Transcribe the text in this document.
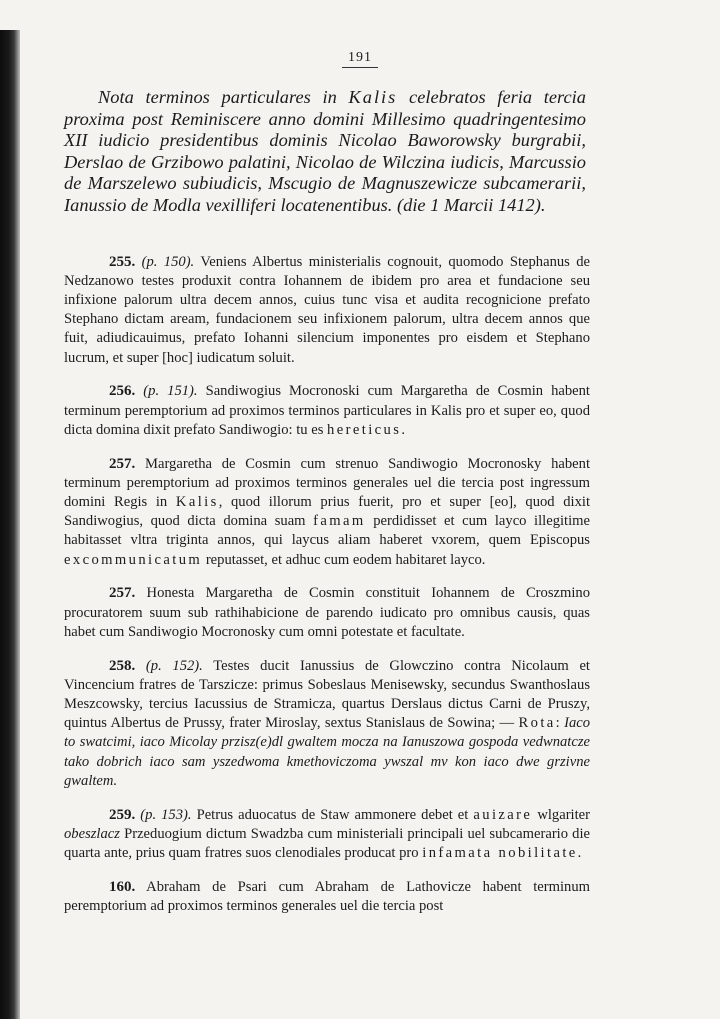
191
Nota terminos particulares in Kalis celebratos feria tercia proxima post Reminiscere anno domini Millesimo quadringentesimo XII iudicio presidentibus dominis Nicolao Baworowsky burgrabii, Derslao de Grzibowo palatini, Nicolao de Wilczina iudicis, Marcussio de Marszelewo subiudicis, Mscugio de Magnuszewicze subcamerarii, Ianussio de Modla vexilliferi locatenentibus. (die 1 Marcii 1412).

255. (p. 150). Veniens Albertus ministerialis cognouit, quomodo Stephanus de Nedzanowo testes produxit contra Iohannem de ibidem pro area et fundacione seu infixione palorum ultra decem annos, cuius tunc visa et audita recognicione prefato Stephano dictam aream, fundacionem seu infixionem palorum, ultra decem annos que fuit, adiudicauimus, prefato Iohanni silencium imponentes pro eisdem et Stephano lucrum, et super [hoc] iudicatum soluit.

256. (p. 151). Sandiwogius Mocronoski cum Margaretha de Cosmin habent terminum peremptorium ad proximos terminos particulares in Kalis pro et super eo, quod dicta domina dixit prefato Sandiwogio: tu es hereticus.

257. Margaretha de Cosmin cum strenuo Sandiwogio Mocronosky habent terminum peremptorium ad proximos terminos generales uel die tercia post ingressum domini Regis in Kalis, quod illorum prius fuerit, pro et super [eo], quod dixit Sandiwogius, quod dicta domina suam famam perdidisset et cum layco illegitime habitasset vltra triginta annos, qui laycus aliam haberet vxorem, quem Episcopus excommunicatum reputasset, et adhuc cum eodem habitaret layco.

257. Honesta Margaretha de Cosmin constituit Iohannem de Croszmino procuratorem suum sub rathihabicione de parendo iudicato pro omnibus causis, quas habet cum Sandiwogio Mocronosky cum omni potestate et facultate.

258. (p. 152). Testes ducit Ianussius de Glowczino contra Nicolaum et Vincencium fratres de Tarszicze: primus Sobeslaus Menisewsky, secundus Swanthoslaus Meszcowsky, tercius Iacussius de Stramicza, quartus Derslaus dictus Carni de Pruszy, quintus Albertus de Prussy, frater Miroslay, sextus Stanislaus de Sowina; — Rota: Iaco to swatcimi, iaco Micolay przisz(e)dl gwaltem mocza na Ianuszowa gospoda vedwnatcze tako dobrich iaco sam yszedwoma kmethoviczoma ywszal mv kon iaco dwe grzivne gwaltem.

259. (p. 153). Petrus aduocatus de Staw ammonere debet et auizare wlgariter obeszlacz Przeduogium dictum Swadzba cum ministeriali principali uel subcamerario die quarta ante, prius quam fratres suos clenodiales producat pro infamata nobilitate.

160. Abraham de Psari cum Abraham de Lathovicze habent terminum peremptorium ad proximos terminos generales uel die tercia post
